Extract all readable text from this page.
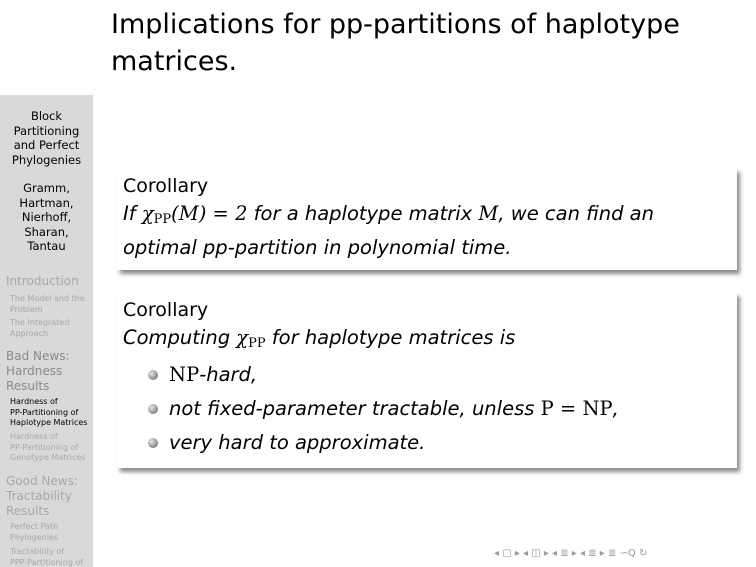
Block
Partitioning
and Perfect
Phylogenies
Gramm,
Hartman,
Nierhoff,
Sharan,
Tantau
Introduction
The Model and the
Problem
The Integrated
Approach
Bad News:
Hardness
Results
Hardness of
PP-Partitioning of
Haplotype Matrices
Hardness of
PP-Partitioning of
Genotype Matrices
Good News:
Tractability
Results
Perfect Path
Phylogenies
Tractability of
PPP-Partitioning of
Implications for pp-partitions of haplotype
matrices.
Corollary
If $\chi_{PP}(M) = 2$ for a haplotype matrix M, we can find an
optimal pp-partition in polynomial time.
Corollary
Computing $\chi_{PP}$ for haplotype matrices is
NP-hard,
not fixed-parameter tractable, unless P = NP,
very hard to approximate.
◂ ▢ ▸ ◂ ◫ ▸ ◂ ≣ ▸ ◂ ≣ ▸ ≣ ∽Q ↻
